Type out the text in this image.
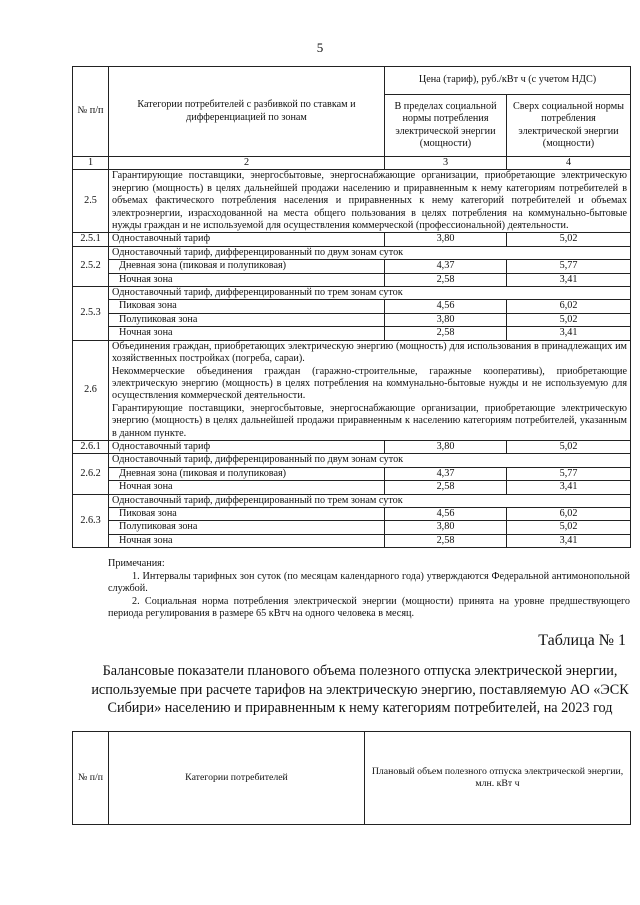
5
№ п/п	Категории потребителей с разбивкой по ставкам и дифференциацией по зонам	Цена (тариф), руб./кВт ч (с учетом НДС)	
		В пределах социальной нормы потребления электрической энергии (мощности)	Сверх социальной нормы потребления электрической энергии (мощности)
1	2	3	4
2.5	Гарантирующие поставщики, энергосбытовые, энергоснабжающие организации, приобретающие электрическую энергию (мощность) в целях дальнейшей продажи населению и приравненным к нему категориям потребителей в объемах фактического потребления населения и приравненных к нему категорий потребителей и объемах электроэнергии, израсходованной на места общего пользования в целях потребления на коммунально-бытовые нужды граждан и не используемой для осуществления коммерческой (профессиональной) деятельности.		
2.5.1	Одноставочный тариф	3,80	5,02
2.5.2	Одноставочный тариф, дифференцированный по двум зонам суток		
	Дневная зона (пиковая и полупиковая)	4,37	5,77
	Ночная зона	2,58	3,41
2.5.3	Одноставочный тариф, дифференцированный по трем зонам суток		
	Пиковая зона	4,56	6,02
	Полупиковая зона	3,80	5,02
	Ночная зона	2,58	3,41
2.6	Объединения граждан, приобретающих электрическую энергию (мощность) для использования в принадлежащих им хозяйственных постройках (погреба, сараи).
Некоммерческие объединения граждан (гаражно-строительные, гаражные кооперативы), приобретающие электрическую энергию (мощность) в целях потребления на коммунально-бытовые нужды и не используемую для осуществления коммерческой деятельности.
Гарантирующие поставщики, энергосбытовые, энергоснабжающие организации, приобретающие электрическую энергию (мощность) в целях дальнейшей продажи приравненным к населению категориям потребителей, указанным в данном пункте.		

2.6.1	Одноставочный тариф	3,80	5,02
2.6.2	Одноставочный тариф, дифференцированный по двум зонам суток		
	Дневная зона (пиковая и полупиковая)	4,37	5,77
	Ночная зона	2,58	3,41
2.6.3	Одноставочный тариф, дифференцированный по трем зонам суток		
	Пиковая зона	4,56	6,02
	Полупиковая зона	3,80	5,02
	Ночная зона	2,58	3,41

Примечания:

1. Интервалы тарифных зон суток (по месяцам календарного года) утверждаются Федеральной антимонопольной службой.

2. Социальная норма потребления электрической энергии (мощности) принята на уровне предшествующего периода регулирования в размере 65 кВтч на одного человека в месяц.

Таблица № 1
Балансовые показатели планового объема полезного отпуска электрической энергии, используемые при расчете тарифов на электрическую энергию, поставляемую АО «ЭСК Сибири» населению и приравненным к нему категориям потребителей, на 2023 год
№ п/п	Категории потребителей	Плановый объем полезного отпуска электрической энергии, млн. кВт ч
